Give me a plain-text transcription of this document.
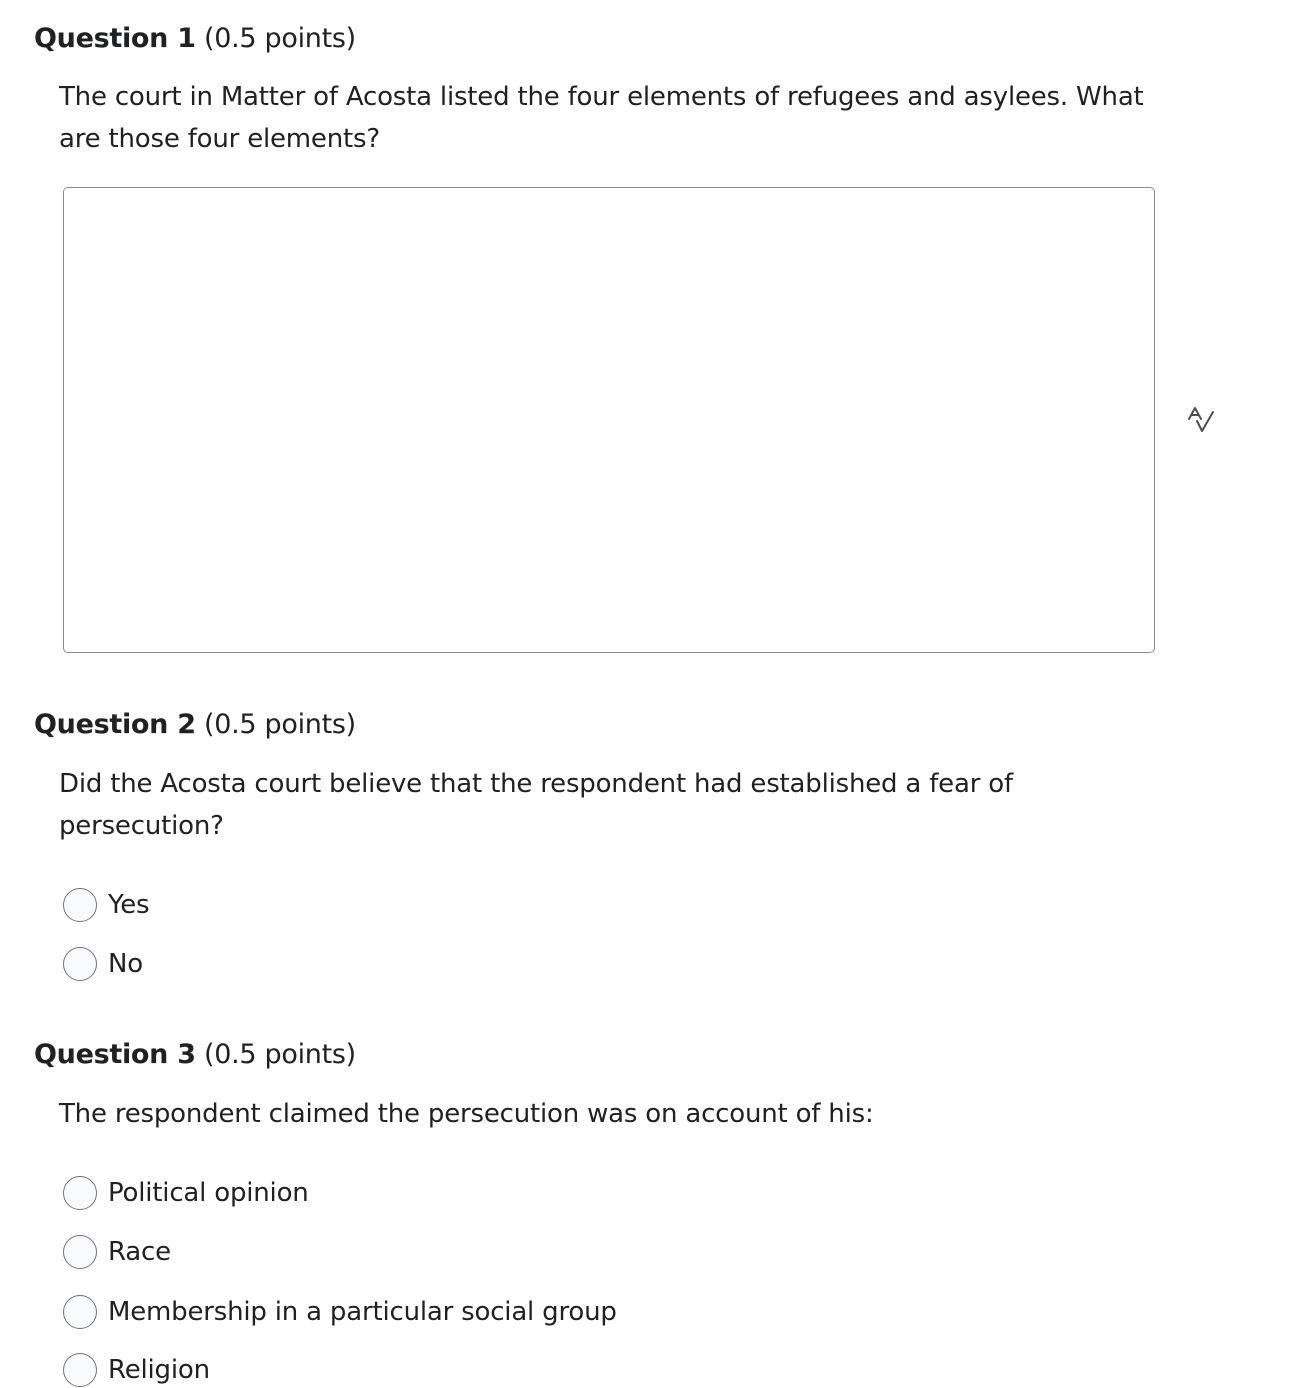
Question 1 (0.5 points)
The court in Matter of Acosta listed the four elements of refugees and asylees. What are those four elements?
Question 2 (0.5 points)
Did the Acosta court believe that the respondent had established a fear of persecution?
Yes
No
Question 3 (0.5 points)
The respondent claimed the persecution was on account of his:
Political opinion
Race
Membership in a particular social group
Religion
